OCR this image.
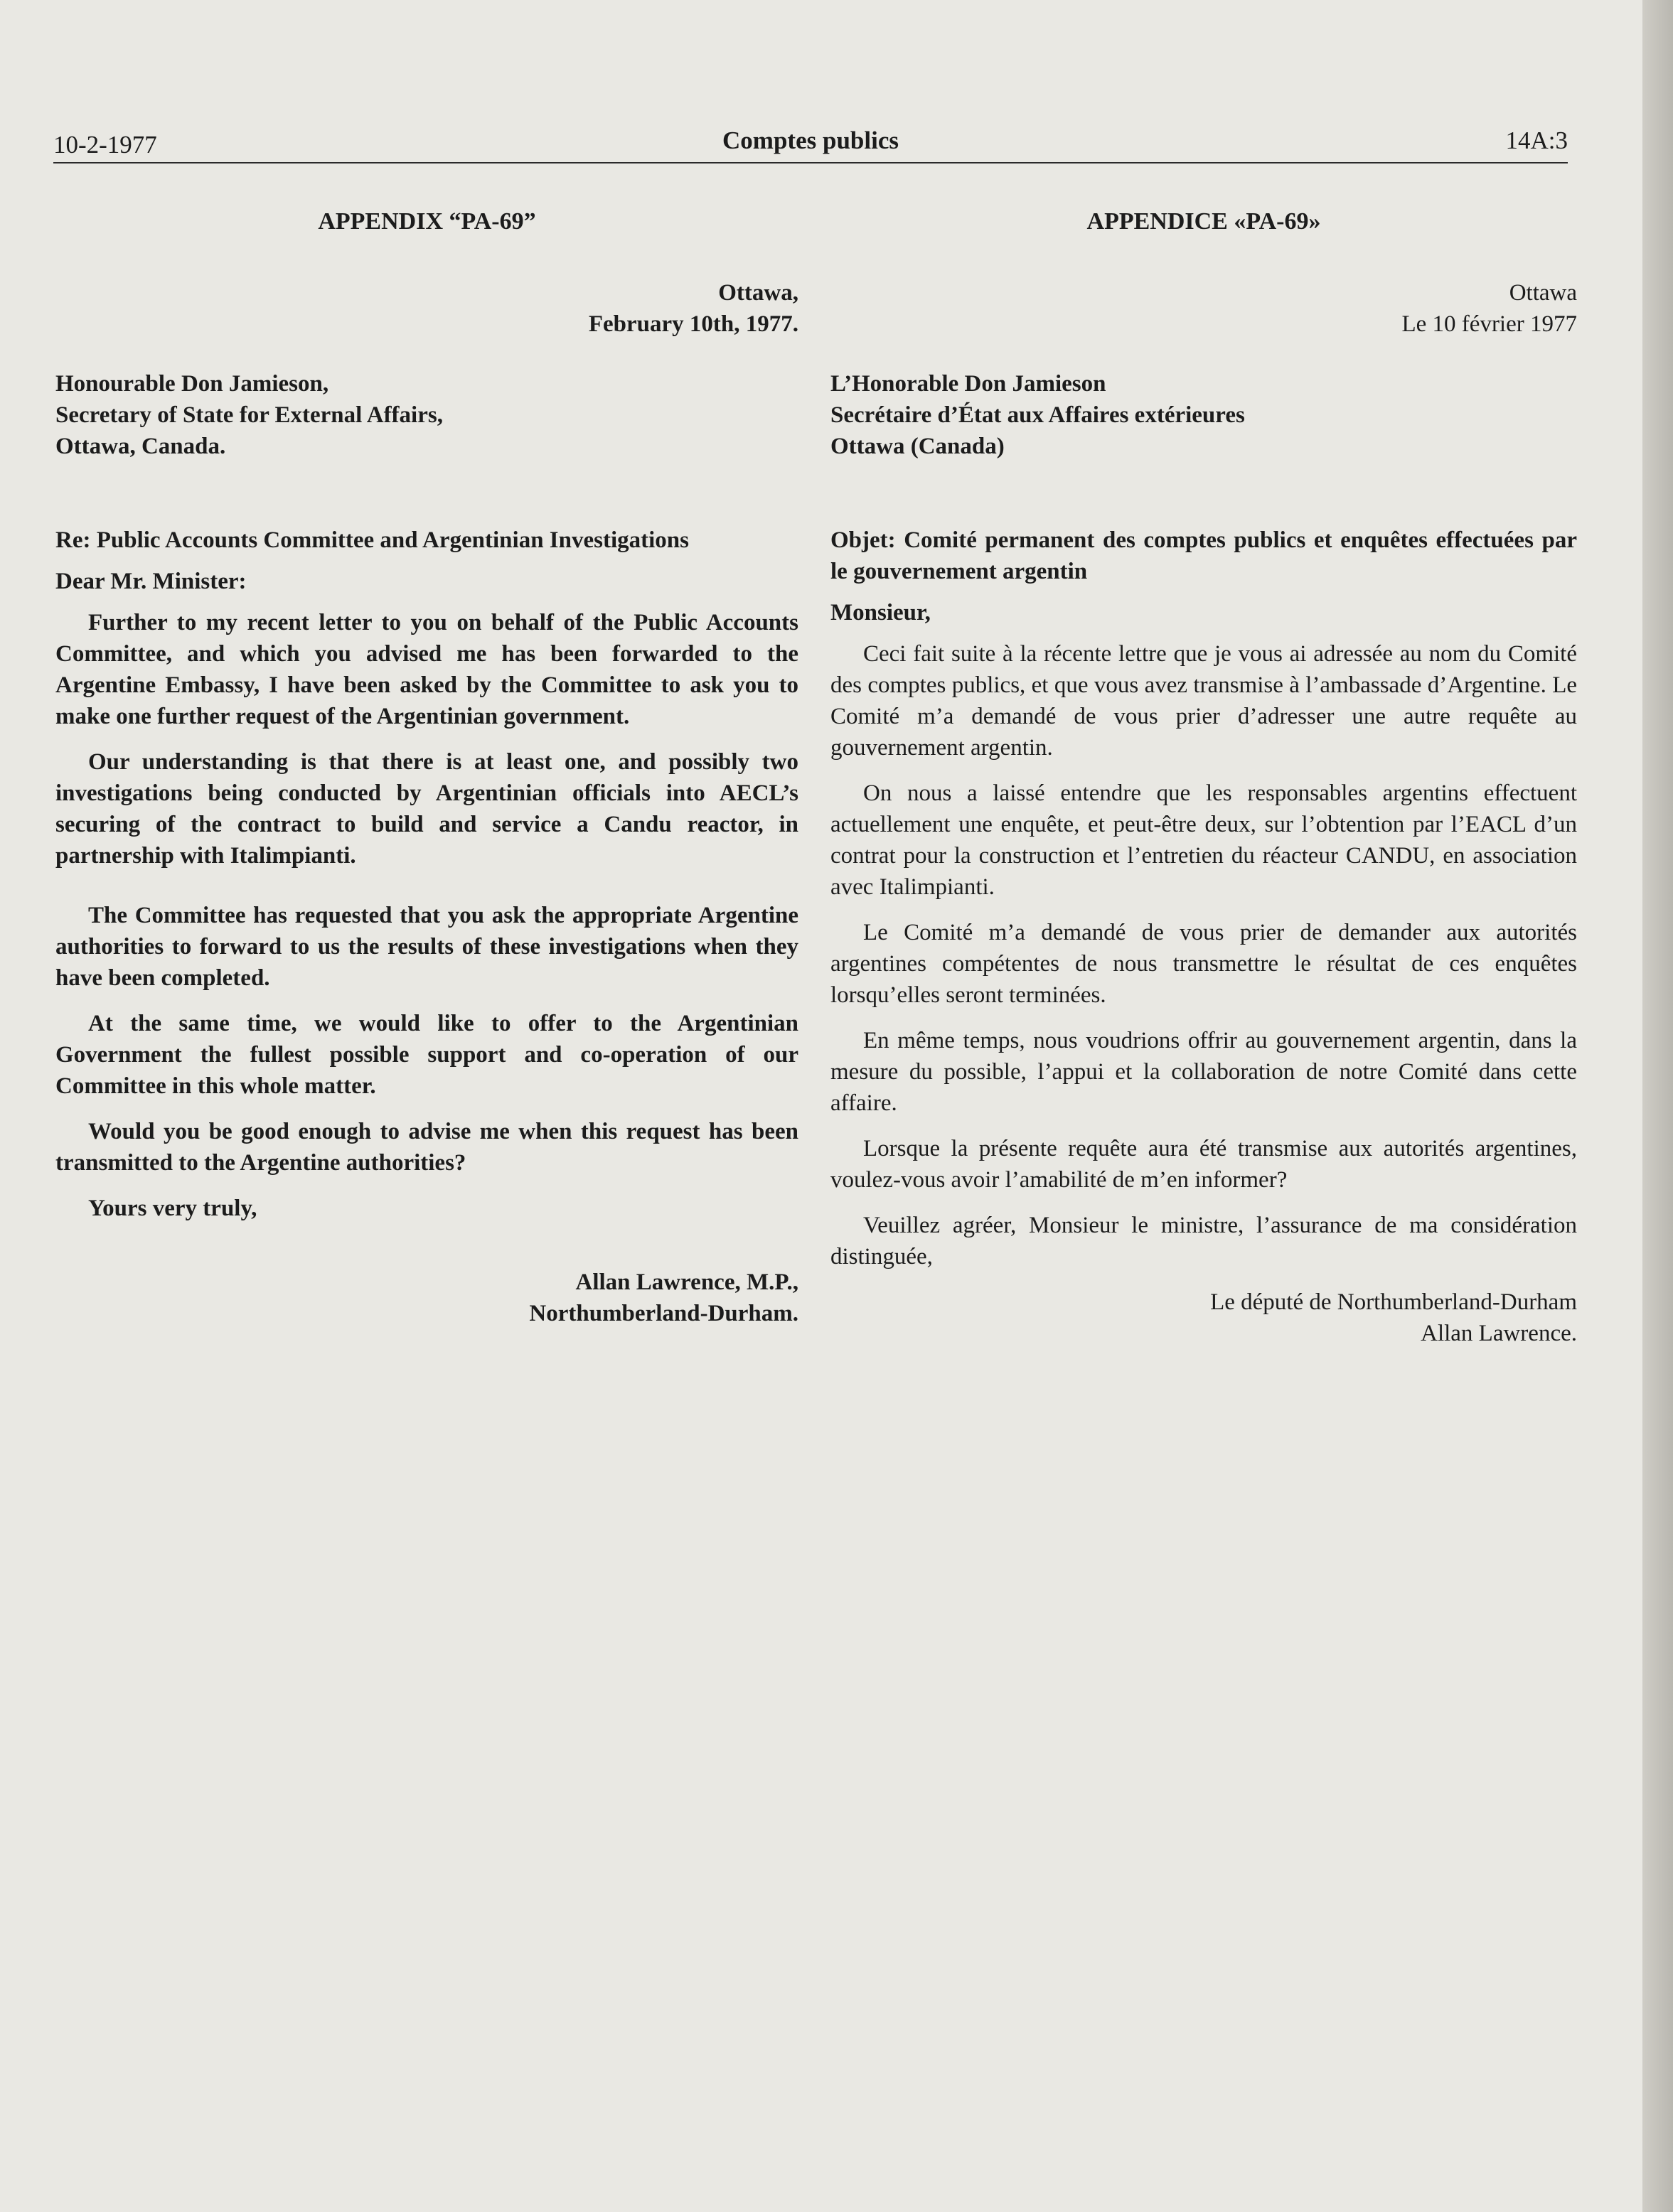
10-2-1977	Comptes publics	14A:3
APPENDIX “PA-69”

Ottawa,

February 10th, 1977.

Honourable Don Jamieson,

Secretary of State for External Affairs,

Ottawa, Canada.

Re: Public Accounts Committee and Argentinian Investigations

Dear Mr. Minister:

Further to my recent letter to you on behalf of the Public Accounts Committee, and which you advised me has been forwarded to the Argentine Embassy, I have been asked by the Committee to ask you to make one further request of the Argentinian government.

Our understanding is that there is at least one, and possibly two investigations being conducted by Argentinian officials into AECL’s securing of the contract to build and service a Candu reactor, in partnership with Italimpianti.

The Committee has requested that you ask the appropriate Argentine authorities to forward to us the results of these investigations when they have been completed.

At the same time, we would like to offer to the Argentinian Government the fullest possible support and co-operation of our Committee in this whole matter.

Would you be good enough to advise me when this request has been transmitted to the Argentine authorities?

Yours very truly,

Allan Lawrence, M.P.,

Northumberland-Durham.

APPENDICE «PA-69»

Ottawa

Le 10 février 1977

L’Honorable Don Jamieson

Secrétaire d’État aux Affaires extérieures

Ottawa (Canada)

Objet: Comité permanent des comptes publics et enquêtes effectuées par le gouvernement argentin

Monsieur,

Ceci fait suite à la récente lettre que je vous ai adressée au nom du Comité des comptes publics, et que vous avez transmise à l’ambassade d’Argentine. Le Comité m’a demandé de vous prier d’adresser une autre requête au gouvernement argentin.

On nous a laissé entendre que les responsables argentins effectuent actuellement une enquête, et peut-être deux, sur l’obtention par l’EACL d’un contrat pour la construction et l’entretien du réacteur CANDU, en association avec Italimpianti.

Le Comité m’a demandé de vous prier de demander aux autorités argentines compétentes de nous transmettre le résultat de ces enquêtes lorsqu’elles seront terminées.

En même temps, nous voudrions offrir au gouvernement argentin, dans la mesure du possible, l’appui et la collaboration de notre Comité dans cette affaire.

Lorsque la présente requête aura été transmise aux autorités argentines, voulez-vous avoir l’amabilité de m’en informer?

Veuillez agréer, Monsieur le ministre, l’assurance de ma considération distinguée,

Le député de Northumberland-Durham

Allan Lawrence.
